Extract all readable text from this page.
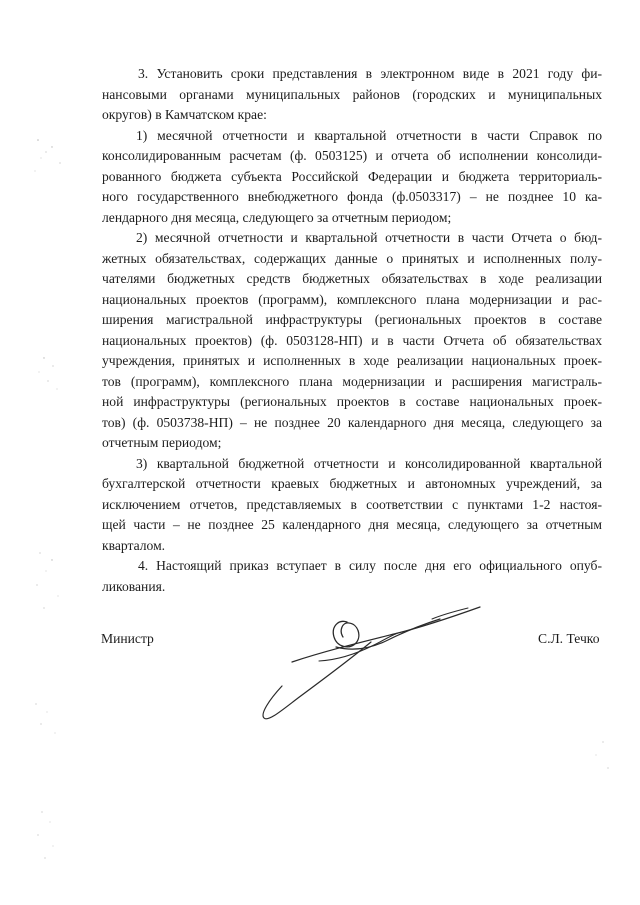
3. Установить сроки представления в электронном виде в 2021 году фи-
нансовыми органами муниципальных районов (городских и муниципальных
округов) в Камчатском крае:
1) месячной отчетности и квартальной отчетности в части Справок по
консолидированным расчетам (ф. 0503125) и отчета об исполнении консолиди-
рованного бюджета субъекта Российской Федерации и бюджета территориаль-
ного государственного внебюджетного фонда (ф.0503317) – не позднее 10 ка-
лендарного дня месяца, следующего за отчетным периодом;
2) месячной отчетности и квартальной отчетности в части Отчета о бюд-
жетных обязательствах, содержащих данные о принятых и исполненных полу-
чателями бюджетных средств бюджетных обязательствах в ходе реализации
национальных проектов (программ), комплексного плана модернизации и рас-
ширения магистральной инфраструктуры (региональных проектов в составе
национальных проектов) (ф. 0503128-НП) и в части Отчета об обязательствах
учреждения, принятых и исполненных в ходе реализации национальных проек-
тов (программ), комплексного плана модернизации и расширения магистраль-
ной инфраструктуры (региональных проектов в составе национальных проек-
тов) (ф. 0503738-НП) – не позднее 20 календарного дня месяца, следующего за
отчетным периодом;
3) квартальной бюджетной отчетности и консолидированной квартальной
бухгалтерской отчетности краевых бюджетных и автономных учреждений, за
исключением отчетов, представляемых в соответствии с пунктами 1-2 настоя-
щей части – не позднее 25 календарного дня месяца, следующего за отчетным
кварталом.
4. Настоящий приказ вступает в силу после дня его официального опуб-
ликования.
Министр	С.Л. Течко
